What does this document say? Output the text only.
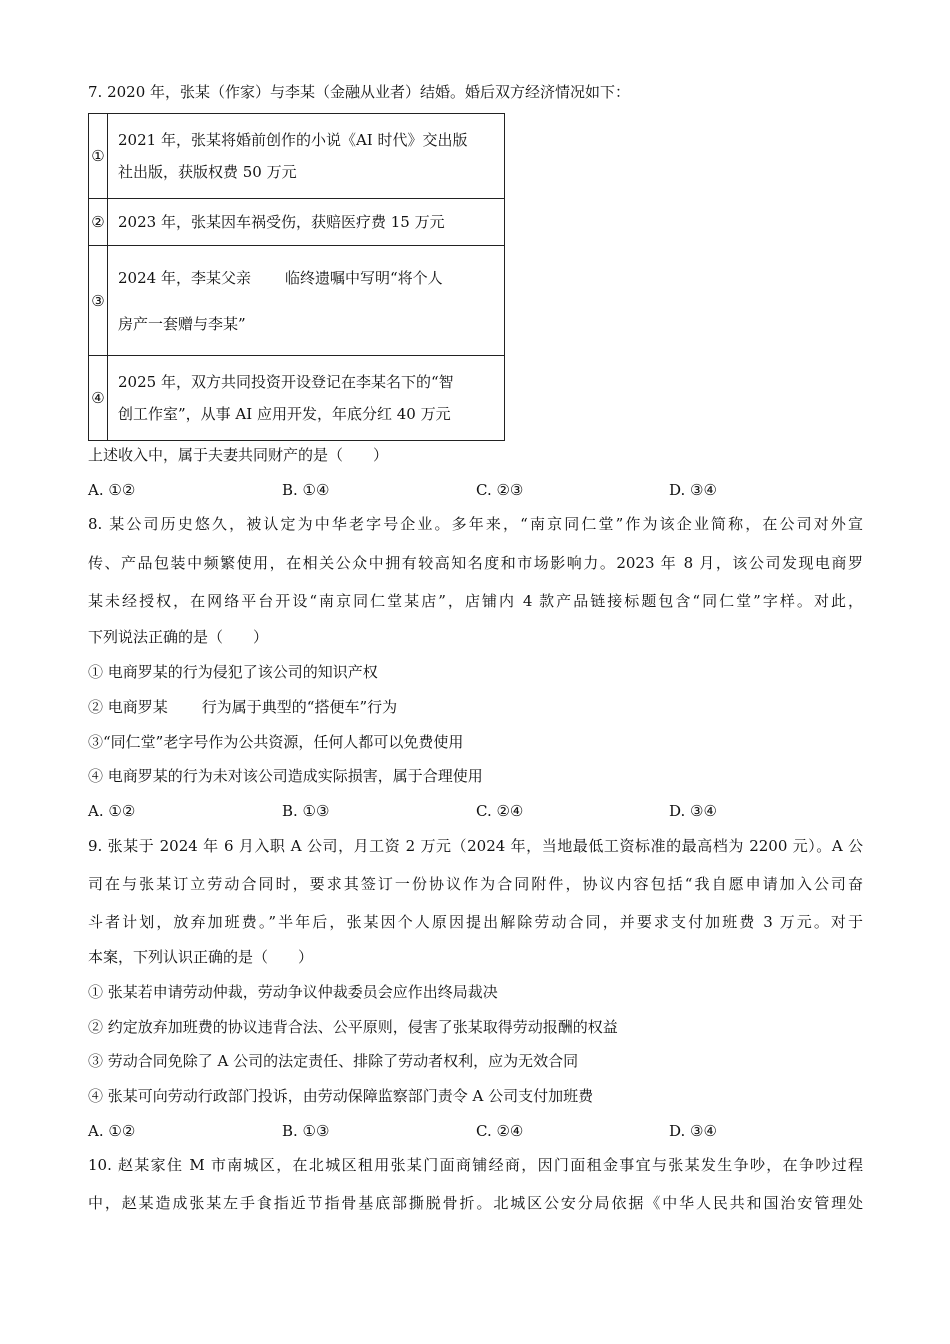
7. 2020 年，张某（作家）与李某（金融从业者）结婚。婚后双方经济情况如下：
①	2021 年，张某将婚前创作的小说《AI 时代》交出版
社出版，获版权费 50 万元

②	2023 年，张某因车祸受伤，获赔医疗费 15 万元

③	2024 年，李某父亲 临终遗嘱中写明“将个人
房产一套赠与李某”

④	2025 年，双方共同投资开设登记在李某名下的“智
创工作室”，从事 AI 应用开发，年底分红 40 万元
上述收入中，属于夫妻共同财产的是（　　）
A. ①②	B. ①④	C. ②③	D. ③④
8. 某公司历史悠久，被认定为中华老字号企业。多年来，“南京同仁堂”作为该企业简称，在公司对外宣
传、产品包装中频繁使用，在相关公众中拥有较高知名度和市场影响力。2023 年 8 月，该公司发现电商罗
某未经授权，在网络平台开设“南京同仁堂某店”，店铺内 4 款产品链接标题包含“同仁堂”字样。对此，
下列说法正确的是（　　）
① 电商罗某的行为侵犯了该公司的知识产权
② 电商罗某 行为属于典型的“搭便车”行为
③“同仁堂”老字号作为公共资源，任何人都可以免费使用
④ 电商罗某的行为未对该公司造成实际损害，属于合理使用
A. ①②	B. ①③	C. ②④	D. ③④
9. 张某于 2024 年 6 月入职 A 公司，月工资 2 万元（2024 年，当地最低工资标准的最高档为 2200 元）。A 公
司在与张某订立劳动合同时，要求其签订一份协议作为合同附件，协议内容包括“我自愿申请加入公司奋
斗者计划，放弃加班费。”半年后，张某因个人原因提出解除劳动合同，并要求支付加班费 3 万元。对于
本案，下列认识正确的是（　　）
① 张某若申请劳动仲裁，劳动争议仲裁委员会应作出终局裁决
② 约定放弃加班费的协议违背合法、公平原则，侵害了张某取得劳动报酬的权益
③ 劳动合同免除了 A 公司的法定责任、排除了劳动者权利，应为无效合同
④ 张某可向劳动行政部门投诉，由劳动保障监察部门责令 A 公司支付加班费
A. ①②	B. ①③	C. ②④	D. ③④
10. 赵某家住 M 市南城区，在北城区租用张某门面商铺经商，因门面租金事宜与张某发生争吵，在争吵过程
中，赵某造成张某左手食指近节指骨基底部撕脱骨折。北城区公安分局依据《中华人民共和国治安管理处
